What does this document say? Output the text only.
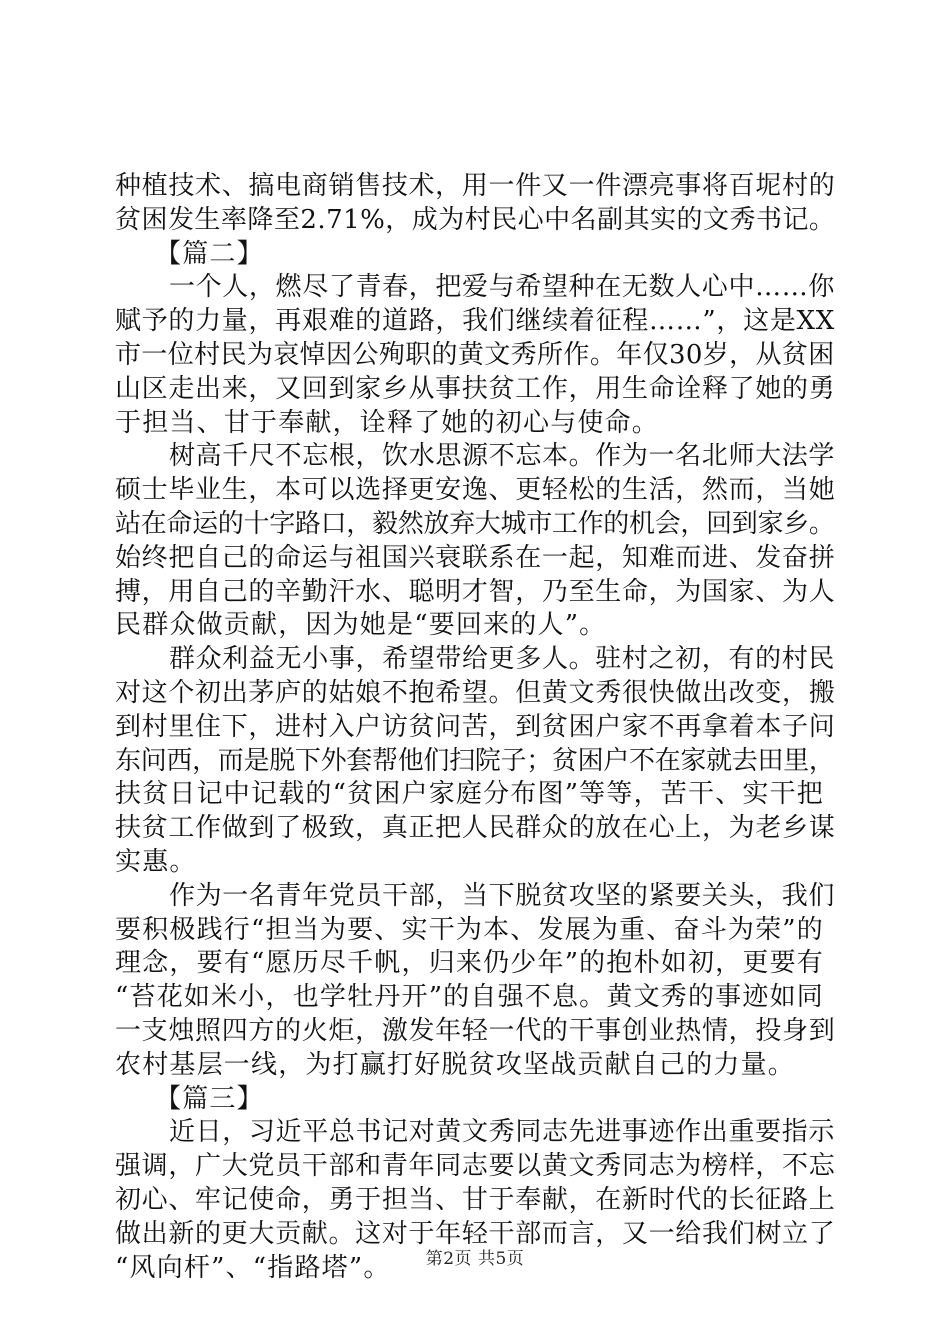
种植技术、搞电商销售技术，用一件又一件漂亮事将百坭村的
贫困发生率降至2.71%，成为村民心中名副其实的文秀书记。
【篇二】
一个人，燃尽了青春，把爱与希望种在无数人心中……你
赋予的力量，再艰难的道路，我们继续着征程……”，这是XX
市一位村民为哀悼因公殉职的黄文秀所作。年仅30岁，从贫困
山区走出来，又回到家乡从事扶贫工作，用生命诠释了她的勇
于担当、甘于奉献，诠释了她的初心与使命。
树高千尺不忘根，饮水思源不忘本。作为一名北师大法学
硕士毕业生，本可以选择更安逸、更轻松的生活，然而，当她
站在命运的十字路口，毅然放弃大城市工作的机会，回到家乡。
始终把自己的命运与祖国兴衰联系在一起，知难而进、发奋拼
搏，用自己的辛勤汗水、聪明才智，乃至生命，为国家、为人
民群众做贡献，因为她是“要回来的人”。
群众利益无小事，希望带给更多人。驻村之初，有的村民
对这个初出茅庐的姑娘不抱希望。但黄文秀很快做出改变，搬
到村里住下，进村入户访贫问苦，到贫困户家不再拿着本子问
东问西，而是脱下外套帮他们扫院子；贫困户不在家就去田里，
扶贫日记中记载的“贫困户家庭分布图”等等，苦干、实干把
扶贫工作做到了极致，真正把人民群众的放在心上，为老乡谋
实惠。
作为一名青年党员干部，当下脱贫攻坚的紧要关头，我们
要积极践行“担当为要、实干为本、发展为重、奋斗为荣”的
理念，要有“愿历尽千帆，归来仍少年”的抱朴如初，更要有
“苔花如米小，也学牡丹开”的自强不息。黄文秀的事迹如同
一支烛照四方的火炬，激发年轻一代的干事创业热情，投身到
农村基层一线，为打赢打好脱贫攻坚战贡献自己的力量。
【篇三】
近日，习近平总书记对黄文秀同志先进事迹作出重要指示
强调，广大党员干部和青年同志要以黄文秀同志为榜样，不忘
初心、牢记使命，勇于担当、甘于奉献，在新时代的长征路上
做出新的更大贡献。这对于年轻干部而言，又一给我们树立了
“风向杆”、“指路塔”。	第2页 共5页
